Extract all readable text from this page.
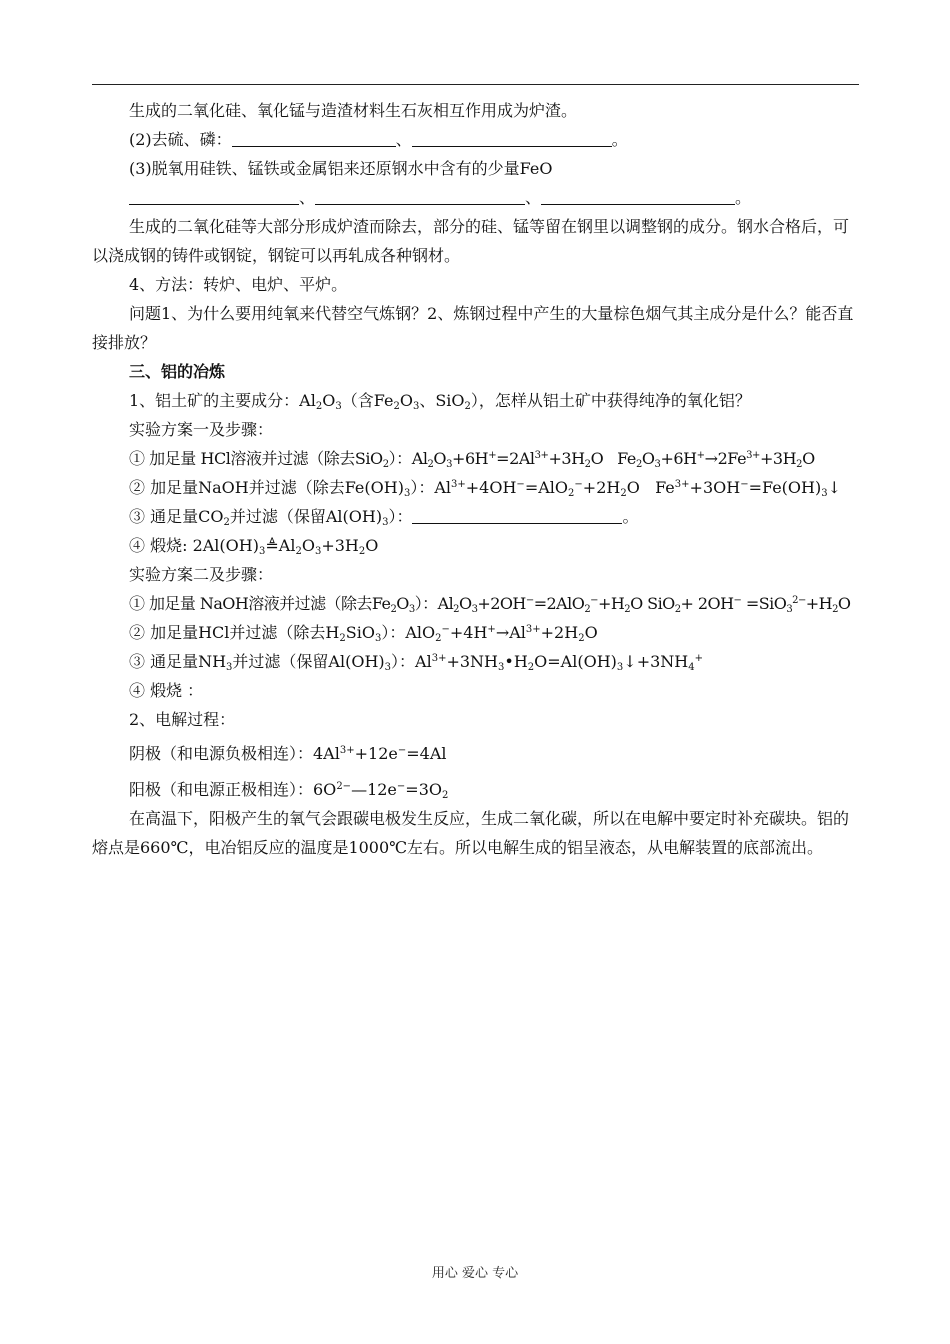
生成的二氧化硅、氧化锰与造渣材料生石灰相互作用成为炉渣。
(2)去硫、磷：	、	。
(3)脱氧用硅铁、锰铁或金属铝来还原钢水中含有的少量FeO
、	、	。
生成的二氧化硅等大部分形成炉渣而除去，部分的硅、锰等留在钢里以调整钢的成分。钢水合格后，可以浇成钢的铸件或钢锭，钢锭可以再轧成各种钢材。
4、方法：转炉、电炉、平炉。
问题1、为什么要用纯氧来代替空气炼钢？2、炼钢过程中产生的大量棕色烟气其主成分是什么？能否直接排放？
三、铝的冶炼
1、铝土矿的主要成分：$Al_2O_3$（含$Fe_2O_3$、SiO$_2$），怎样从铝土矿中获得纯净的氧化铝？
实验方案一及步骤：
① 加足量 HCl溶液并过滤（除去SiO$_2$）：$Al_2O_3+6H^+=2Al^{3+}+3H_2O$   $Fe_2O_3+6H^+\to 2Fe^{3+}+3H_2O$
② 加足量NaOH并过滤（除去$Fe(OH)_3$）：$Al^{3+}+4OH^-=AlO_2^-+2H_2O$   $Fe^{3+}+3OH^-=Fe(OH)_3↓$
③ 通足量$CO_2$并过滤（保留$Al(OH)_3$）：	。
④ 煅烧: $2Al(OH)_3≜Al_2O_3+3H_2O$
实验方案二及步骤：
① 加足量 NaOH溶液并过滤（除去$Fe_2O_3$）：$Al_2O_3+2OH^-=2AlO_2^-+H_2O$ $SiO_2+ 2OH^- =SiO_3^{2-}+H_2O$
② 加足量HCl并过滤（除去$H_2SiO_3$）：$AlO_2^-+4H^+\to Al^{3+}+2H_2O$
③ 通足量$NH_3$并过滤（保留$Al(OH)_3$）：$Al^{3+}+3NH_3•H_2O=Al(OH)_3↓+3NH_4^+$
④ 煅烧 ：
2、电解过程：
阴极（和电源负极相连）：$4Al^{3+}+12e^-=4Al$
阳极（和电源正极相连）：$6O^{2-}—12e^-=3O_2$
在高温下，阳极产生的氧气会跟碳电极发生反应，生成二氧化碳，所以在电解中要定时补充碳块。铝的熔点是660℃，电冶铝反应的温度是1000℃左右。所以电解生成的铝呈液态，从电解装置的底部流出。
用心 爱心 专心
